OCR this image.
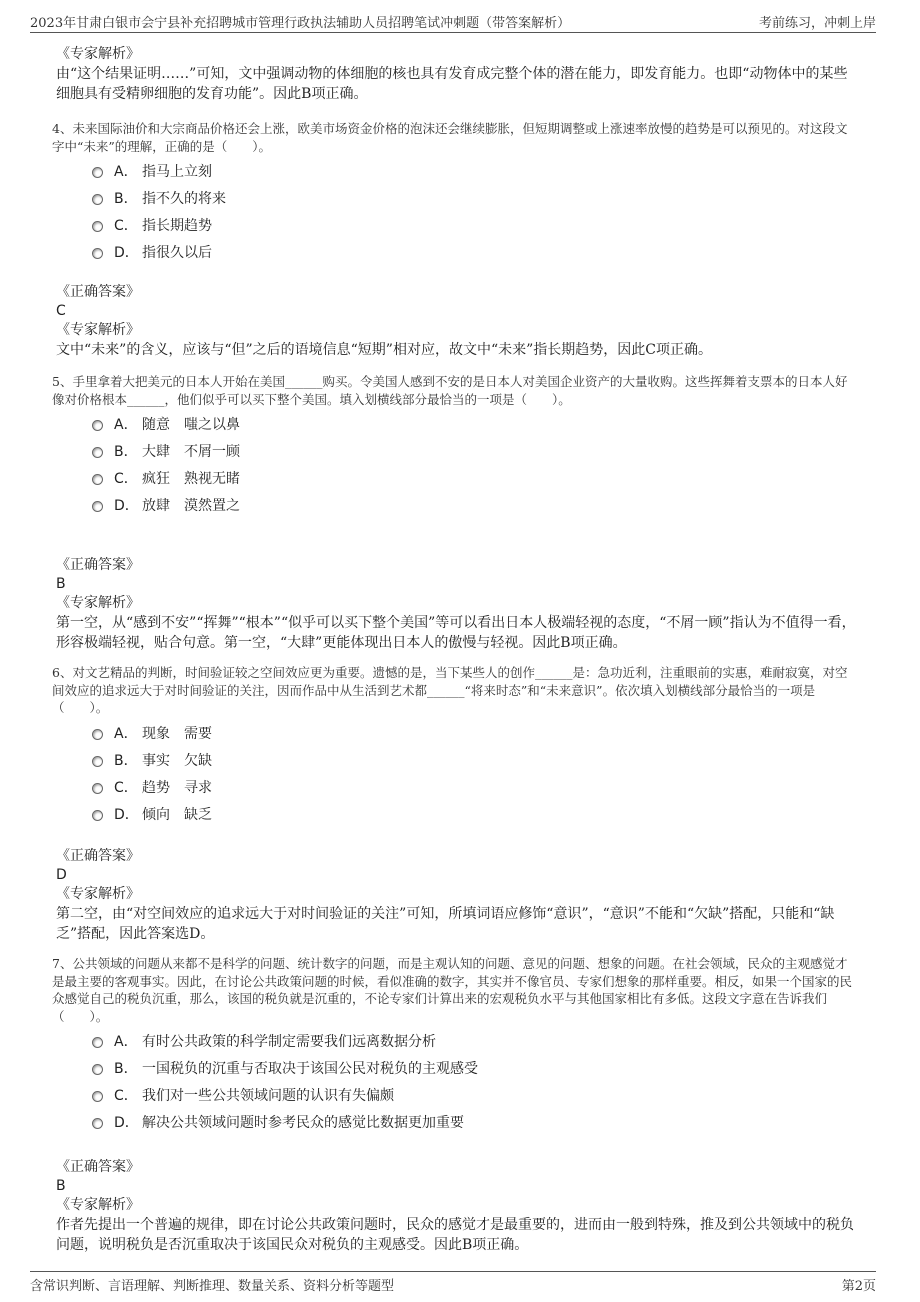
2023年甘肃白银市会宁县补充招聘城市管理行政执法辅助人员招聘笔试冲刺题（带答案解析）	考前练习，冲刺上岸
《专家解析》
由“这个结果证明……”可知，文中强调动物的体细胞的核也具有发育成完整个体的潜在能力，即发育能力。也即“动物体中的某些细胞具有受精卵细胞的发育功能”。因此B项正确。
4、未来国际油价和大宗商品价格还会上涨，欧美市场资金价格的泡沫还会继续膨胀，但短期调整或上涨速率放慢的趋势是可以预见的。对这段文字中“未来”的理解，正确的是（　　）。
A． 指马上立刻
B． 指不久的将来
C． 指长期趋势
D． 指很久以后
《正确答案》
C
《专家解析》
文中“未来”的含义，应该与“但”之后的语境信息“短期”相对应，故文中“未来”指长期趋势，因此C项正确。
5、手里拿着大把美元的日本人开始在美国______购买。令美国人感到不安的是日本人对美国企业资产的大量收购。这些挥舞着支票本的日本人好像对价格根本______，他们似乎可以买下整个美国。填入划横线部分最恰当的一项是（　　）。
A． 随意　嗤之以鼻
B． 大肆　不屑一顾
C． 疯狂　熟视无睹
D． 放肆　漠然置之
《正确答案》
B
《专家解析》
第一空，从“感到不安”“挥舞”“根本”“似乎可以买下整个美国”等可以看出日本人极端轻视的态度，“不屑一顾”指认为不值得一看，形容极端轻视，贴合句意。第一空，“大肆”更能体现出日本人的傲慢与轻视。因此B项正确。
6、对文艺精品的判断，时间验证较之空间效应更为重要。遗憾的是，当下某些人的创作______是：急功近利，注重眼前的实惠，难耐寂寞，对空间效应的追求远大于对时间验证的关注，因而作品中从生活到艺术都______“将来时态”和“未来意识”。依次填入划横线部分最恰当的一项是（　　）。
A． 现象　需要
B． 事实　欠缺
C． 趋势　寻求
D． 倾向　缺乏
《正确答案》
D
《专家解析》
第二空，由“对空间效应的追求远大于对时间验证的关注”可知，所填词语应修饰“意识”，“意识”不能和“欠缺”搭配，只能和“缺乏”搭配，因此答案选D。
7、公共领域的问题从来都不是科学的问题、统计数字的问题，而是主观认知的问题、意见的问题、想象的问题。在社会领域，民众的主观感觉才是最主要的客观事实。因此，在讨论公共政策问题的时候，看似准确的数字，其实并不像官员、专家们想象的那样重要。相反，如果一个国家的民众感觉自己的税负沉重，那么，该国的税负就是沉重的，不论专家们计算出来的宏观税负水平与其他国家相比有多低。这段文字意在告诉我们（　　）。
A． 有时公共政策的科学制定需要我们远离数据分析
B． 一国税负的沉重与否取决于该国公民对税负的主观感受
C． 我们对一些公共领域问题的认识有失偏颇
D． 解决公共领域问题时参考民众的感觉比数据更加重要
《正确答案》
B
《专家解析》
作者先提出一个普遍的规律，即在讨论公共政策问题时，民众的感觉才是最重要的，进而由一般到特殊，推及到公共领域中的税负问题，说明税负是否沉重取决于该国民众对税负的主观感受。因此B项正确。
含常识判断、言语理解、判断推理、数量关系、资料分析等题型	第2页
